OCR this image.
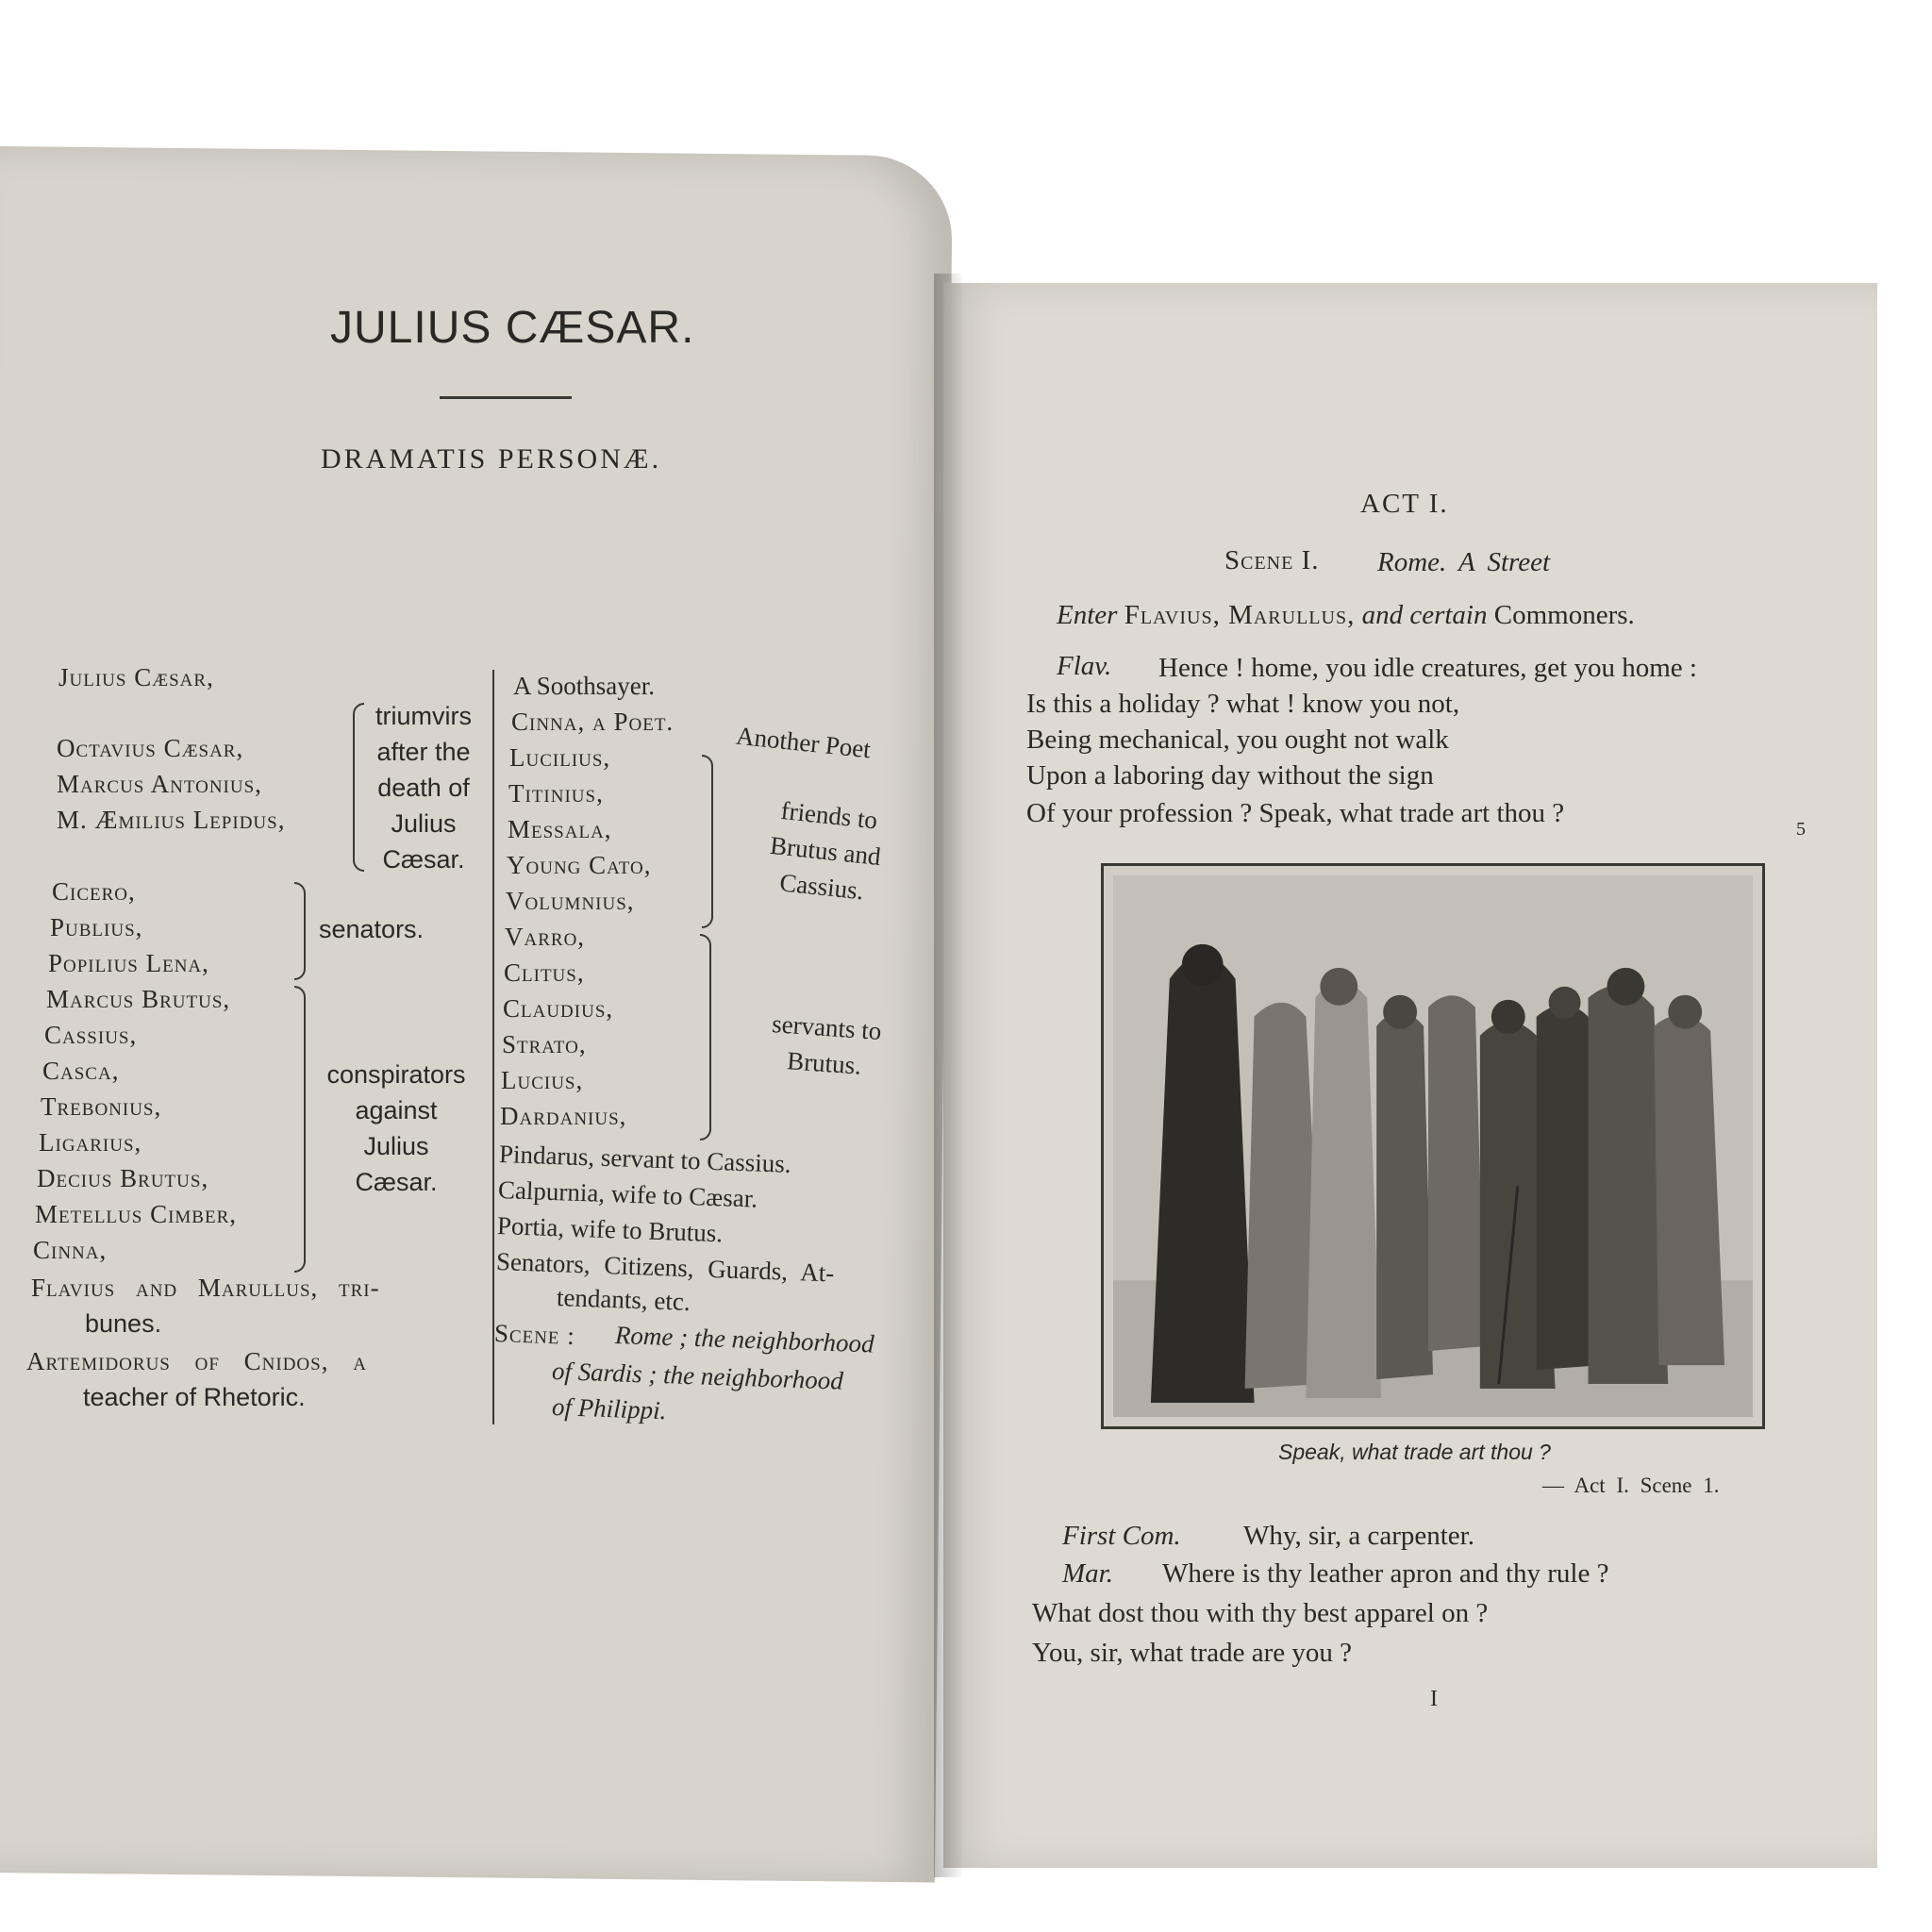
JULIUS CÆSAR.
DRAMATIS PERSONÆ.
Julius Cæsar,
Octavius Cæsar,
Marcus Antonius,
M. Æmilius Lepidus,
Cicero,
Publius,
Popilius Lena,
Marcus Brutus,
Cassius,
Casca,
Trebonius,
Ligarius,
Decius Brutus,
Metellus Cimber,
Cinna,
Flavius and Marullus, tri-
bunes.
Artemidorus of Cnidos, a
teacher of Rhetoric.
triumvirs
after the
death of
Julius
Cæsar.
senators.
conspirators
against
Julius
Cæsar.
A Soothsayer.
Cinna, a Poet. Another Poet
Lucilius,
Titinius,
Messala,
Young Cato,
Volumnius,
Varro,
Clitus,
Claudius,
Strato,
Lucius,
Dardanius,
Pindarus, servant to Cassius.
Calpurnia, wife to Cæsar.
Portia, wife to Brutus.
Senators, Citizens, Guards, At-
tendants, etc.
friends to
Brutus and
Cassius.
servants to
Brutus.
Scene : Rome ; the neighborhood
of Sardis ; the neighborhood
of Philippi.
ACT I.
Scene I. Rome. A Street
Enter Flavius, Marullus, and certain Commoners.
Flav. Hence ! home, you idle creatures, get you home :
Is this a holiday ? what ! know you not,
Being mechanical, you ought not walk
Upon a laboring day without the sign
Of your profession ? Speak, what trade art thou ?
5
Speak, what trade art thou ?
— Act I. Scene 1.
First Com. Why, sir, a carpenter.
Mar. Where is thy leather apron and thy rule ?
What dost thou with thy best apparel on ?
You, sir, what trade are you ?
I
